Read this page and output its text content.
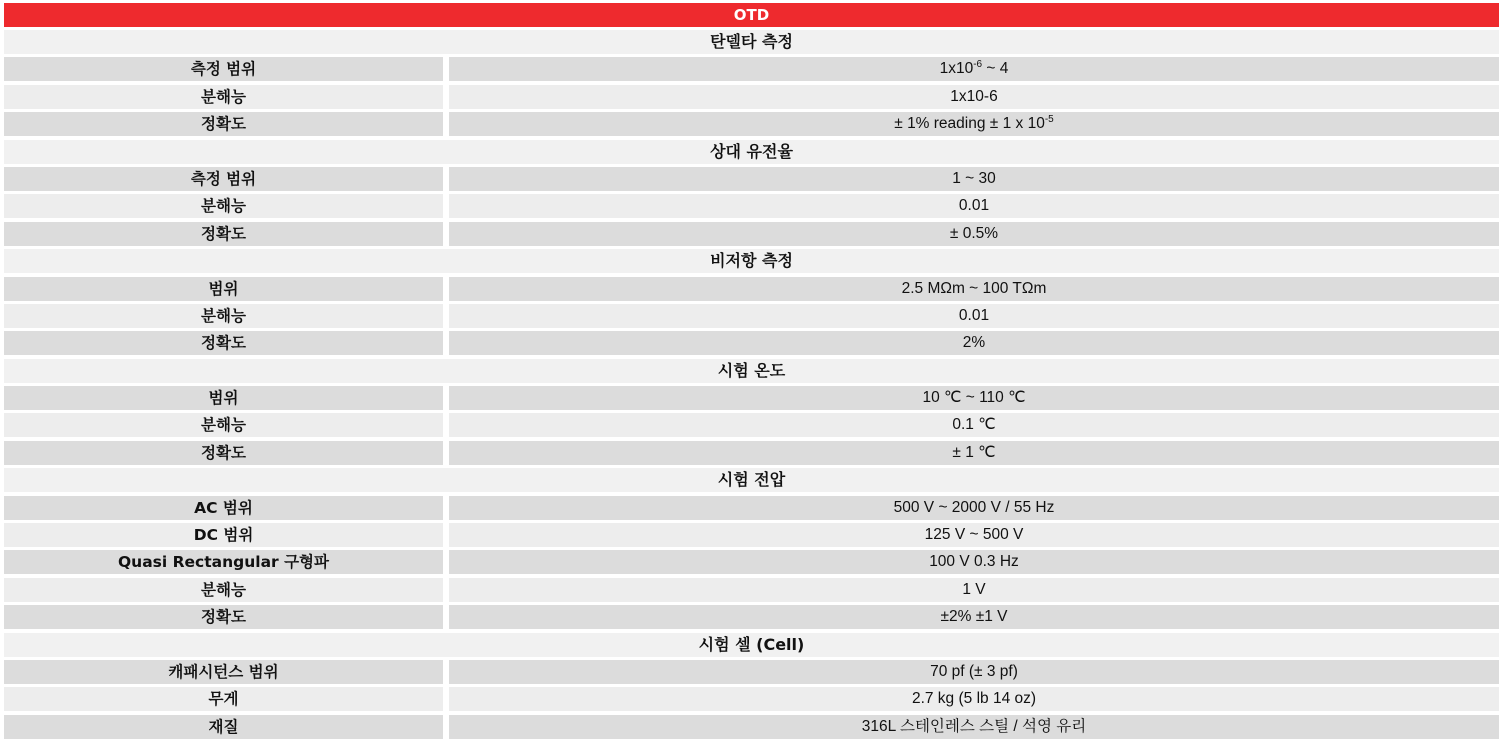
OTD
탄델타 측정
측정 범위	$1x10^{-6}$ ~ 4
분해능	1x10-6
정확도	± 1% reading ± 1 x $10^{-5}$
상대 유전율
측정 범위	1 ~ 30
분해능	0.01
정확도	± 0.5%
비저항 측정
범위	2.5 MΩm ~ 100 TΩm
분해능	0.01
정확도	2%
시험 온도
범위	10 ℃ ~ 110 ℃
분해능	0.1 ℃
정확도	± 1 ℃
시험 전압
AC 범위	500 V ~ 2000 V / 55 Hz
DC 범위	125 V ~ 500 V
Quasi Rectangular 구형파	100 V 0.3 Hz
분해능	1 V
정확도	±2% ±1 V
시험 셀 (Cell)
캐패시턴스 범위	70 pf (± 3 pf)
무게	2.7 kg (5 lb 14 oz)
재질	316L 스테인레스 스틸 / 석영 유리
